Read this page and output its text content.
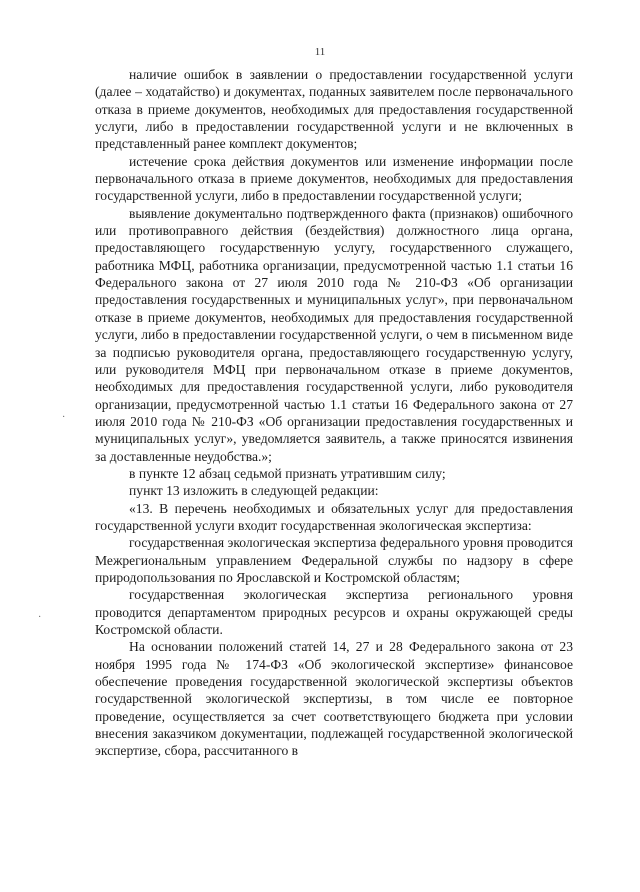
11
·
·

наличие ошибок в заявлении о предоставлении государственной услуги (далее – ходатайство) и документах, поданных заявителем после первоначального отказа в приеме документов, необходимых для предоставления государственной услуги, либо в предоставлении государственной услуги и не включенных в представленный ранее комплект документов;

истечение срока действия документов или изменение информации после первоначального отказа в приеме документов, необходимых для предоставления государственной услуги, либо в предоставлении государственной услуги;

выявление документально подтвержденного факта (признаков) ошибочного или противоправного действия (бездействия) должностного лица органа, предоставляющего государственную услугу, государственного служащего, работника МФЦ, работника организации, предусмотренной частью 1.1 статьи 16 Федерального закона от 27 июля 2010 года № 210-ФЗ «Об организации предоставления государственных и муниципальных услуг», при первоначальном отказе в приеме документов, необходимых для предоставления государственной услуги, либо в предоставлении государственной услуги, о чем в письменном виде за подписью руководителя органа, предоставляющего государственную услугу, или руководителя МФЦ при первоначальном отказе в приеме документов, необходимых для предоставления государственной услуги, либо руководителя организации, предусмотренной частью 1.1 статьи 16 Федерального закона от 27 июля 2010 года № 210-ФЗ «Об организации предоставления государственных и муниципальных услуг», уведомляется заявитель, а также приносятся извинения за доставленные неудобства.»;

в пункте 12 абзац седьмой признать утратившим силу;

пункт 13 изложить в следующей редакции:

«13. В перечень необходимых и обязательных услуг для предоставления государственной услуги входит государственная экологическая экспертиза:

государственная экологическая экспертиза федерального уровня проводится Межрегиональным управлением Федеральной службы по надзору в сфере природопользования по Ярославской и Костромской областям;

государственная экологическая экспертиза регионального уровня проводится департаментом природных ресурсов и охраны окружающей среды Костромской области.

На основании положений статей 14, 27 и 28 Федерального закона от 23 ноября 1995 года № 174-ФЗ «Об экологической экспертизе» финансовое обеспечение проведения государственной экологической экспертизы объектов государственной экологической экспертизы, в том числе ее повторное проведение, осуществляется за счет соответствующего бюджета при условии внесения заказчиком документации, подлежащей государственной экологической экспертизе, сбора, рассчитанного в
